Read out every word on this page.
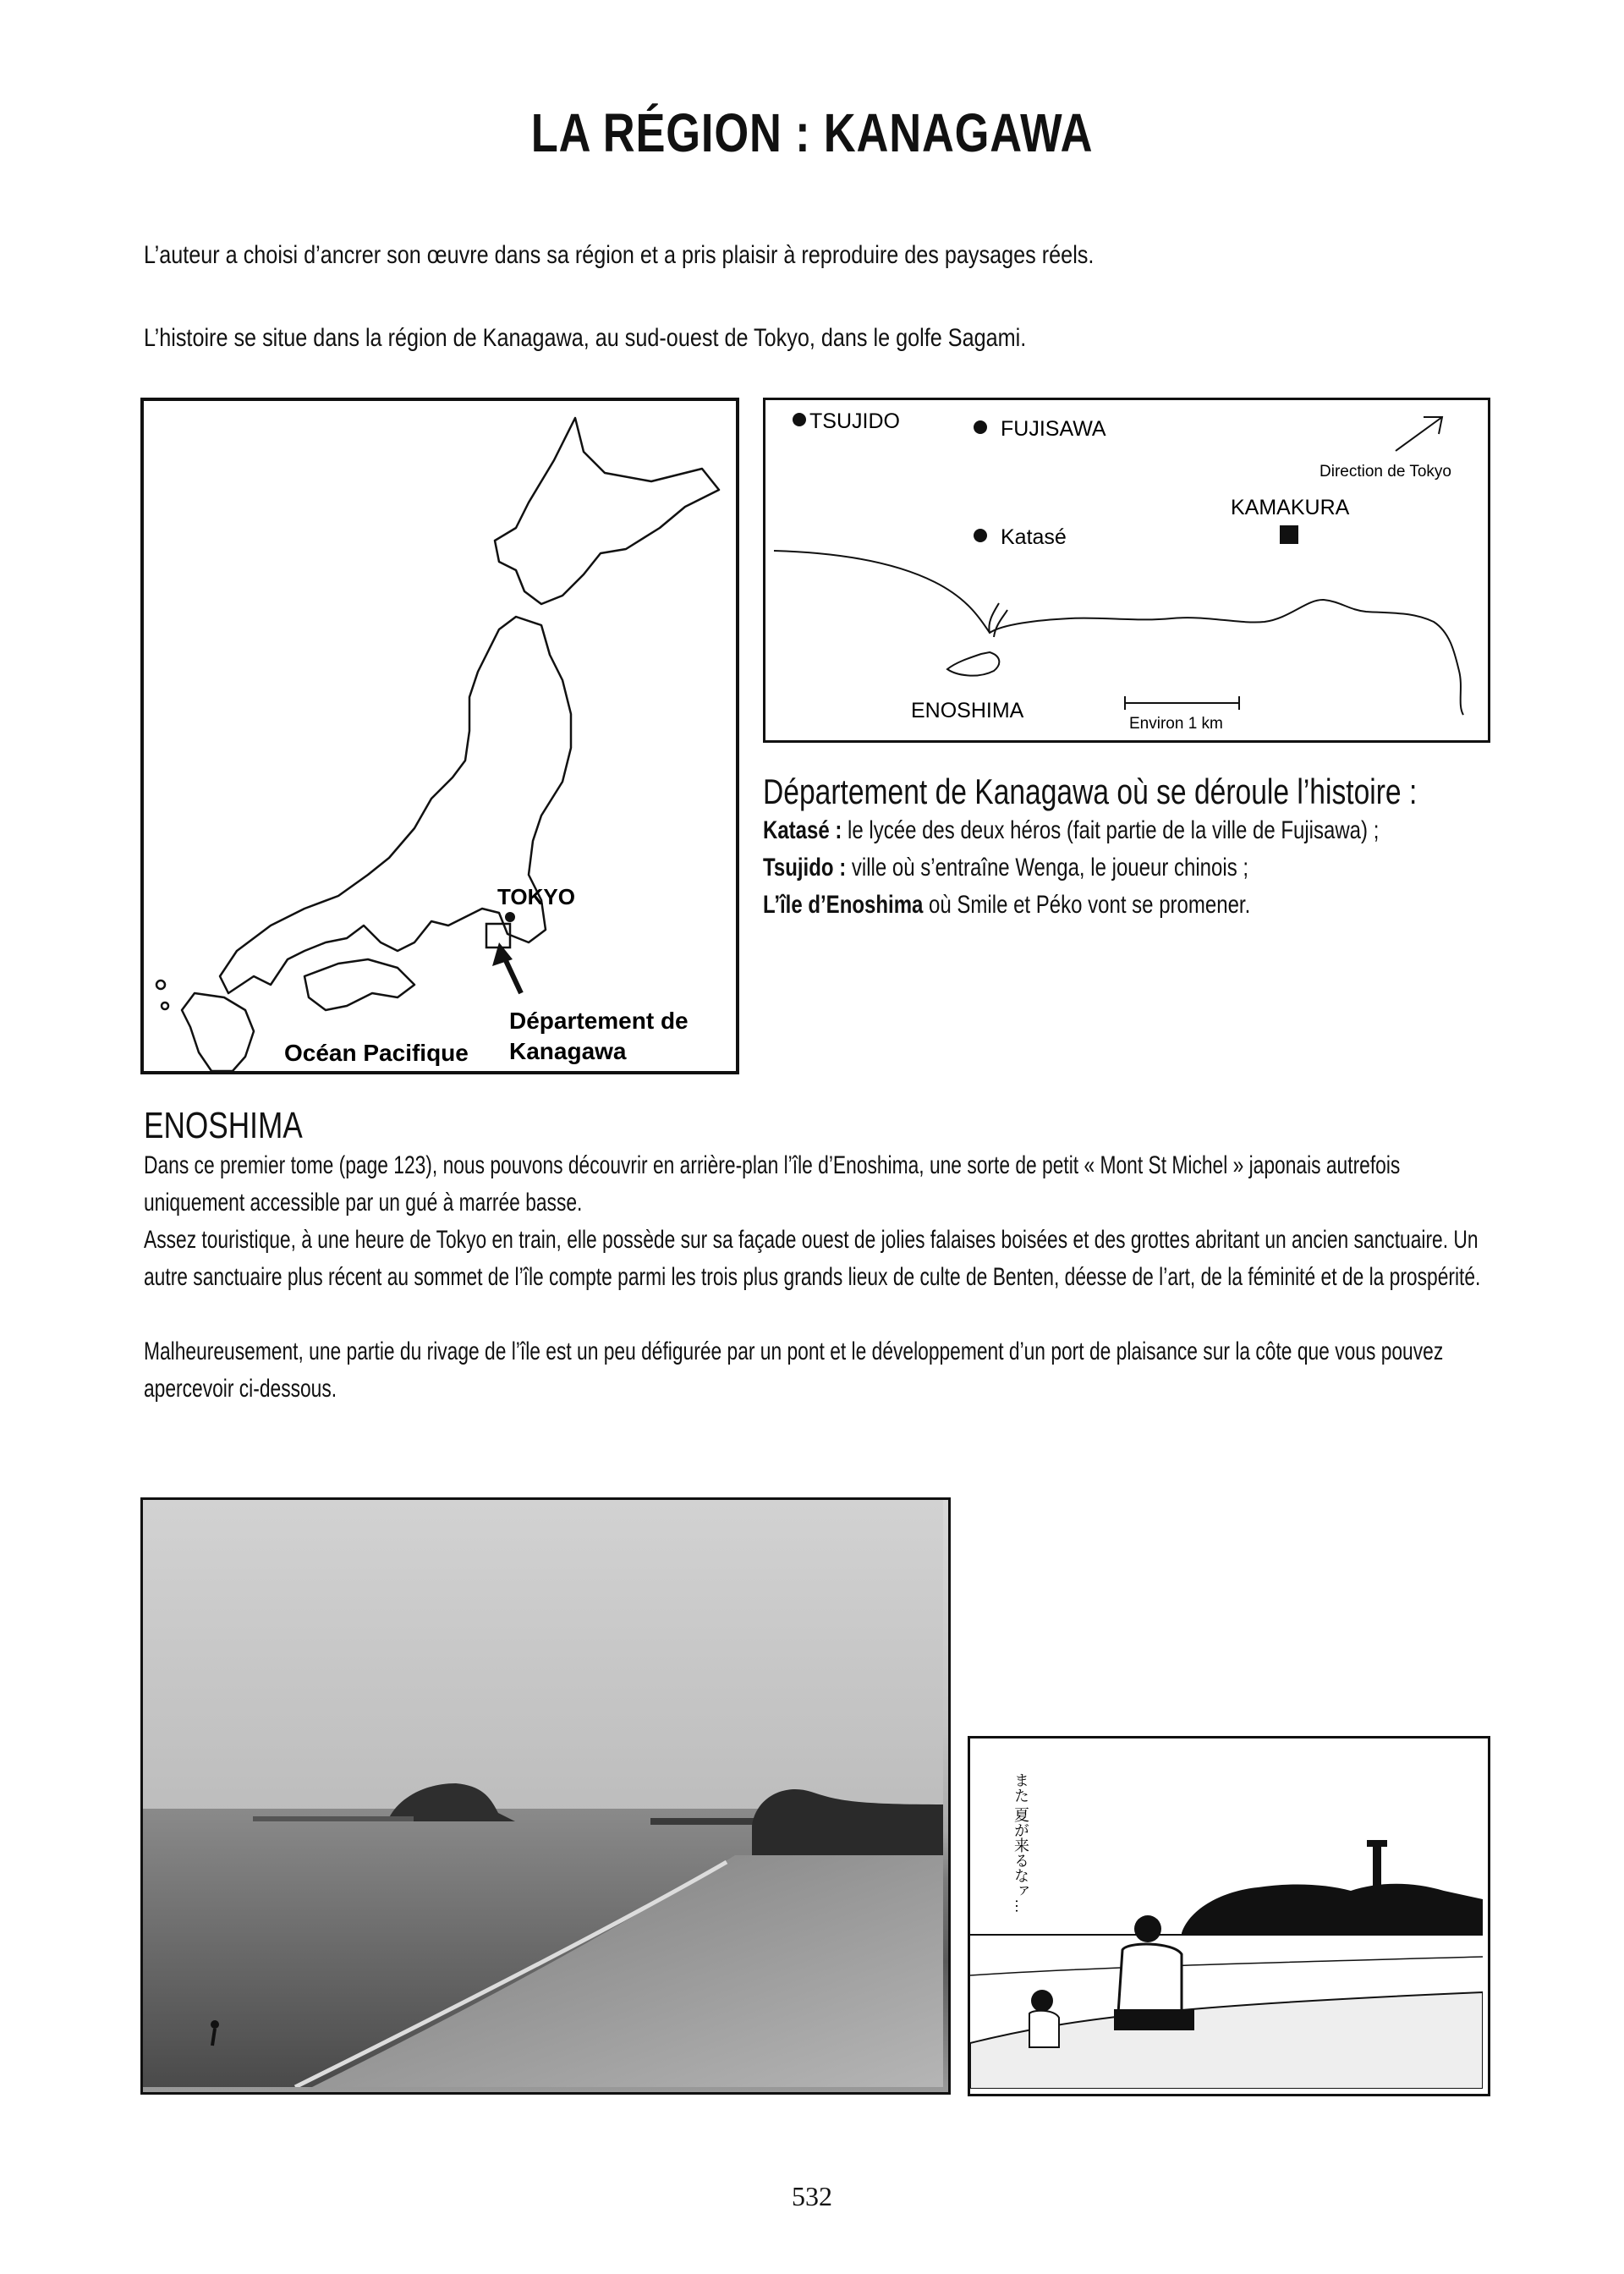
LA RÉGION : KANAGAWA
L’auteur a choisi d’ancrer son œuvre dans sa région et a pris plaisir à reproduire des paysages réels.
L’histoire se situe dans la région de Kanagawa, au sud-ouest de Tokyo, dans le golfe Sagami.
TOKYO
Département de
Kanagawa
Océan Pacifique
TSUJIDO	FUJISAWA
Direction de Tokyo
KAMAKURA
Katasé
ENOSHIMA
Environ 1 km
Département de Kanagawa où se déroule l’histoire :
Katasé : le lycée des deux héros (fait partie de la ville de Fujisawa) ;
Tsujido : ville où s’entraîne Wenga, le joueur chinois ;
L’île d’Enoshima où Smile et Péko vont se promener.
ENOSHIMA

Dans ce premier tome (page 123), nous pouvons découvrir en arrière-plan l’île d’Enoshima, une sorte de petit « Mont St Michel » japonais autrefois uniquement accessible par un gué à marrée basse.

Assez touristique, à une heure de Tokyo en train, elle possède sur sa façade ouest de jolies falaises boisées et des grottes abritant un ancien sanctuaire. Un autre sanctuaire plus récent au sommet de l’île compte parmi les trois plus grands lieux de culte de Benten, déesse de l’art, de la féminité et de la prospérité.

Malheureusement, une partie du rivage de l’île est un peu défigurée par un pont et le développement d’un port de plaisance sur la côte que vous pouvez apercevoir ci-dessous.

また 夏が来るなァ…
532
